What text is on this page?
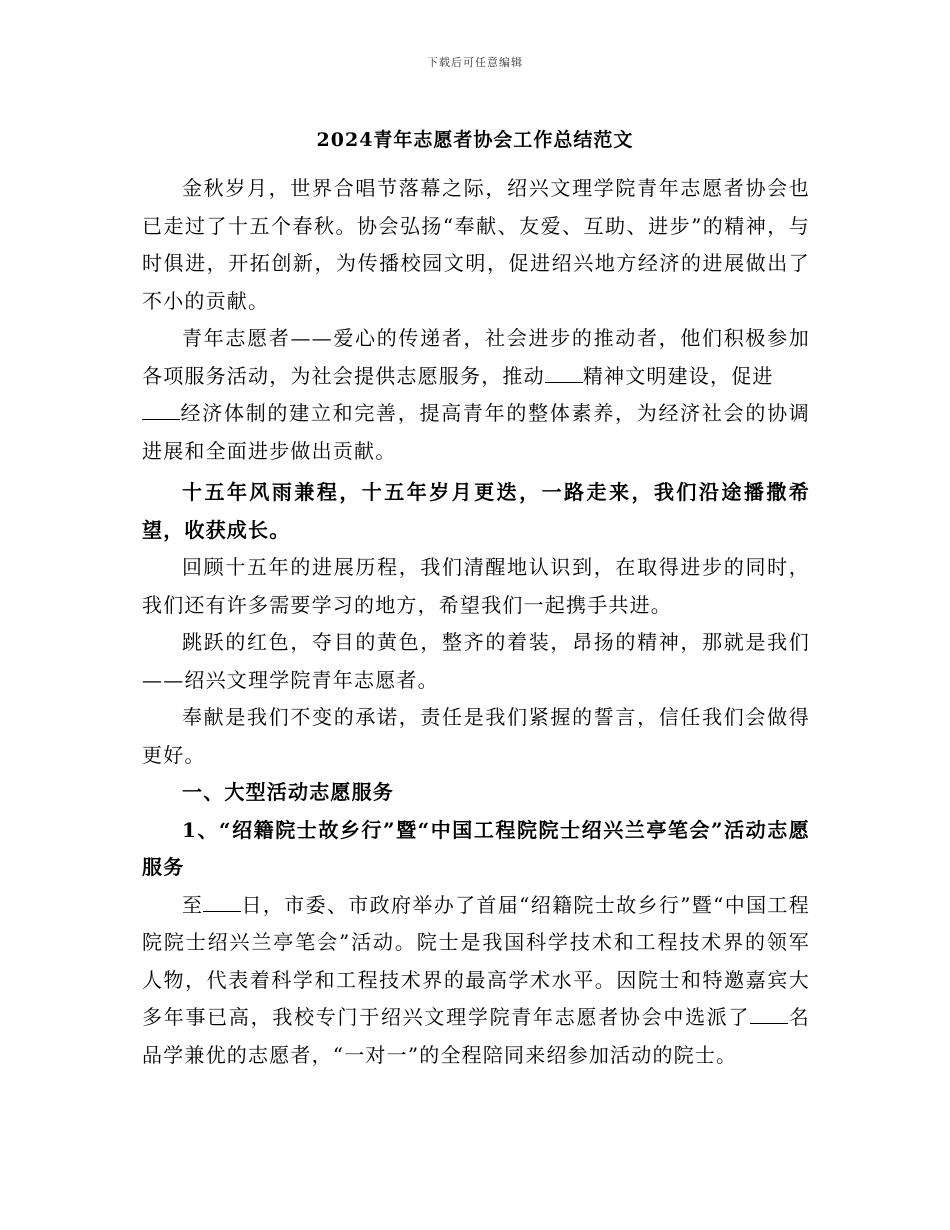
下载后可任意编辑
2024青年志愿者协会工作总结范文

金秋岁月，世界合唱节落幕之际，绍兴文理学院青年志愿者协会也已走过了十五个春秋。协会弘扬“奉献、友爱、互助、进步”的精神，与时俱进，开拓创新，为传播校园文明，促进绍兴地方经济的进展做出了不小的贡献。

青年志愿者——爱心的传递者，社会进步的推动者，他们积极参加各项服务活动，为社会提供志愿服务，推动 精神文明建设，促进
经济体制的建立和完善，提高青年的整体素养，为经济社会的协调进展和全面进步做出贡献。

十五年风雨兼程，十五年岁月更迭，一路走来，我们沿途播撒希望，收获成长。

回顾十五年的进展历程，我们清醒地认识到，在取得进步的同时，我们还有许多需要学习的地方，希望我们一起携手共进。

跳跃的红色，夺目的黄色，整齐的着装，昂扬的精神，那就是我们——绍兴文理学院青年志愿者。

奉献是我们不变的承诺，责任是我们紧握的誓言，信任我们会做得更好。

一、大型活动志愿服务

1、“绍籍院士故乡行”暨“中国工程院院士绍兴兰亭笔会”活动志愿服务

至 日，市委、市政府举办了首届“绍籍院士故乡行”暨“中国工程院院士绍兴兰亭笔会”活动。院士是我国科学技术和工程技术界的领军人物，代表着科学和工程技术界的最高学术水平。因院士和特邀嘉宾大多年事已高，我校专门于绍兴文理学院青年志愿者协会中选派了 名品学兼优的志愿者，“一对一”的全程陪同来绍参加活动的院士。
